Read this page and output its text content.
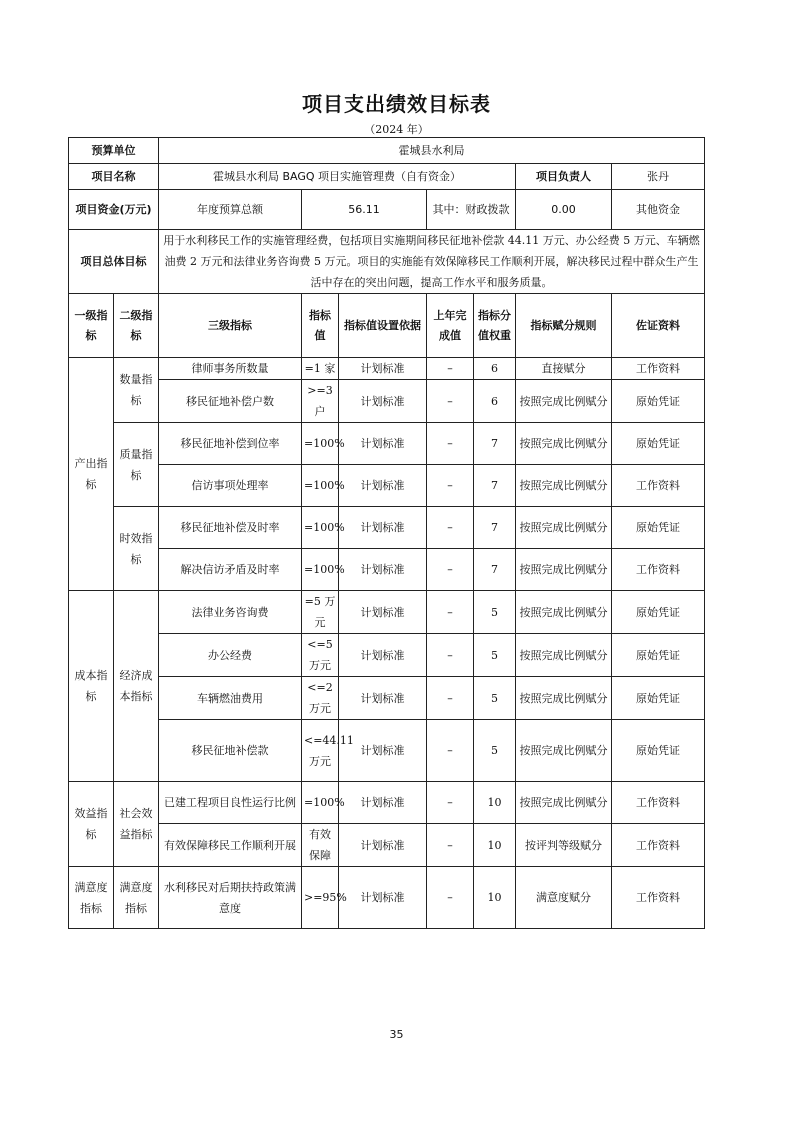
项目支出绩效目标表
（2024 年）
预算单位		霍城县水利局						
项目名称		霍城县水利局 BAGQ 项目实施管理费（自有资金）					项目负责人	张丹
项目资金(万元)		年度预算总额	56.11		其中：财政拨款		0.00	其他资金
项目总体目标		用于水利移民工作的实施管理经费，包括项目实施期间移民征地补偿款 44.11 万元、办公经费 5 万元、车辆燃油费 2 万元和法律业务咨询费 5 万元。项目的实施能有效保障移民工作顺利开展，解决移民过程中群众生产生活中存在的突出问题，提高工作水平和服务质量。						
一级指标	二级指标	三级指标	指标值	指标值设置依据	上年完成值	指标分值权重	指标赋分规则	佐证资料
产出指标	数量指标	律师事务所数量	=1 家	计划标准	–	6	直接赋分	工作资料
		移民征地补偿户数	>=3户	计划标准	–	6	按照完成比例赋分	原始凭证
	质量指标	移民征地补偿到位率	=100%	计划标准	–	7	按照完成比例赋分	原始凭证
		信访事项处理率	=100%	计划标准	–	7	按照完成比例赋分	工作资料
	时效指标	移民征地补偿及时率	=100%	计划标准	–	7	按照完成比例赋分	原始凭证
		解决信访矛盾及时率	=100%	计划标准	–	7	按照完成比例赋分	工作资料
成本指标	经济成本指标	法律业务咨询费	=5 万元	计划标准	–	5	按照完成比例赋分	原始凭证
		办公经费	<=5万元	计划标准	–	5	按照完成比例赋分	原始凭证
		车辆燃油费用	<=2万元	计划标准	–	5	按照完成比例赋分	原始凭证
		移民征地补偿款	<=44.11 万元	计划标准	–	5	按照完成比例赋分	原始凭证
效益指标	社会效益指标	已建工程项目良性运行比例	=100%	计划标准	–	10	按照完成比例赋分	工作资料
		有效保障移民工作顺利开展	有效保障	计划标准	–	10	按评判等级赋分	工作资料
满意度指标	满意度指标	水利移民对后期扶持政策满意度	>=95%	计划标准	–	10	满意度赋分	工作资料
35
